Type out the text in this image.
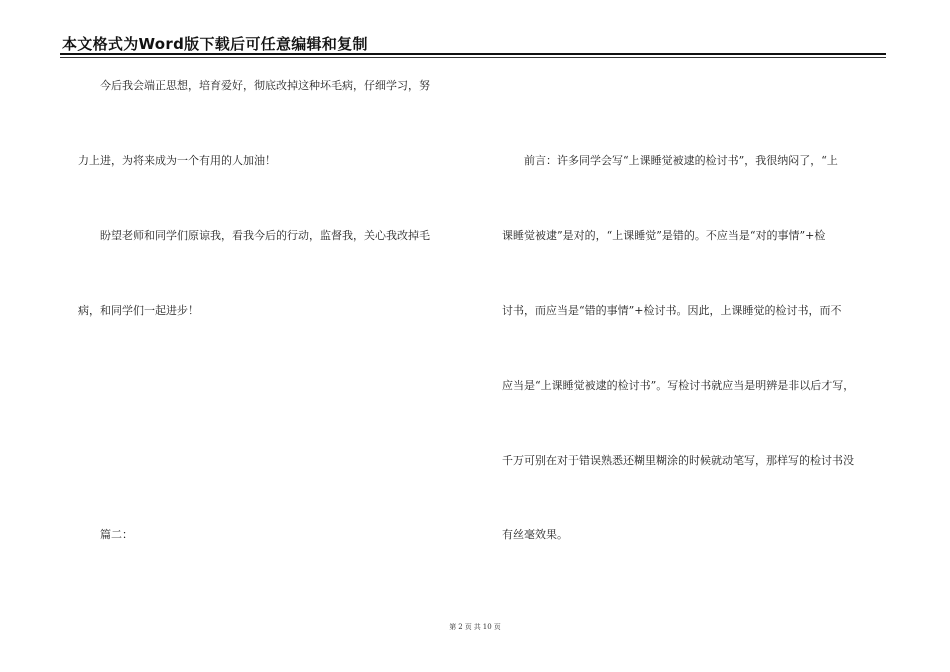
本文格式为Word版下载后可任意编辑和复制
今后我会端正思想，培育爱好，彻底改掉这种坏毛病，仔细学习，努
力上进，为将来成为一个有用的人加油！
盼望老师和同学们原谅我，看我今后的行动，监督我，关心我改掉毛
病，和同学们一起进步！
篇二：
前言：许多同学会写“上课睡觉被逮的检讨书”，我很纳闷了，“上
课睡觉被逮”是对的，“上课睡觉”是错的。不应当是“对的事情”+检
讨书，而应当是“错的事情”+检讨书。因此，上课睡觉的检讨书，而不
应当是“上课睡觉被逮的检讨书”。写检讨书就应当是明辨是非以后才写，
千万可别在对于错误熟悉还糊里糊涂的时候就动笔写，那样写的检讨书没
有丝毫效果。
第 2 页 共 10 页
